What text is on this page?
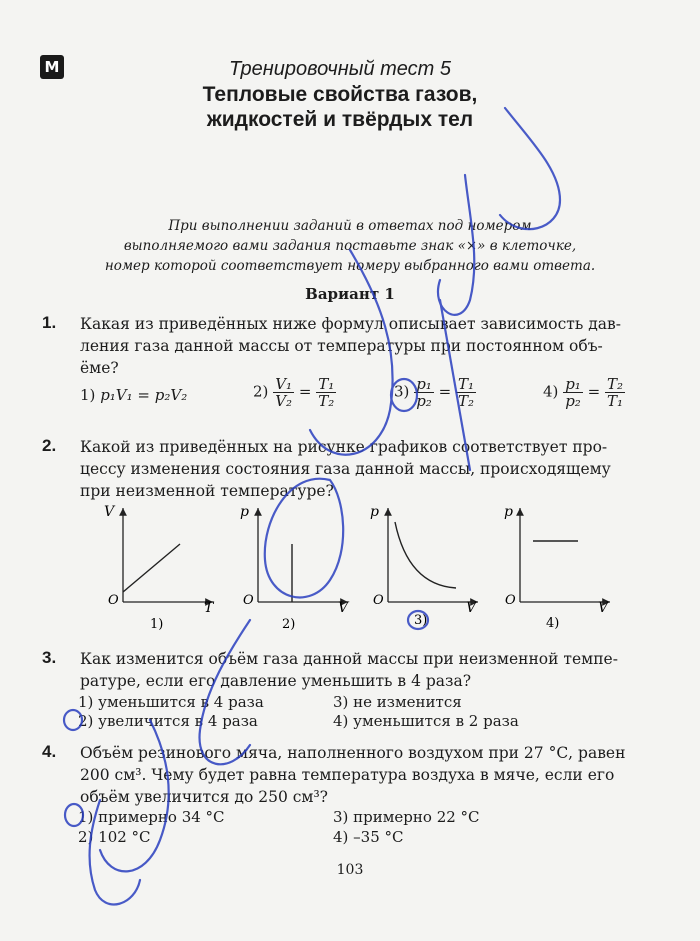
М	Тренировочный тест 5
Тепловые свойства газов,
жидкостей и твёрдых тел
При выполнении заданий в ответах под номером
выполняемого вами задания поставьте знак «×» в клеточке,
номер которой соответствует номеру выбранного вами ответа.
Вариант 1
1. Какая из приведённых ниже формул описывает зависимость дав-
ления газа данной массы от температуры при постоянном объ-
ёме?
1) p₁V₁ = p₂V₂	$2) \frac{\text{V₁}}{\text{V₂}} = \frac{\text{T₁}}{\text{T₂}}$	$3) \frac{\text{p₁}}{\text{p₂}} = \frac{\text{T₁}}{\text{T₂}}$	$4) \frac{\text{p₁}}{\text{p₂}} = \frac{\text{T₂}}{\text{T₁}}$
2. Какой из приведённых на рисунке графиков соответствует про-
цессу изменения состояния газа данной массы, происходящему
при неизменной температуре?
V
T
O
1)
p
V
O
2)
p
V
O
3)
p
V
O
4)
3. Как изменится объём газа данной массы при неизменной темпе-
ратуре, если его давление уменьшить в 4 раза?
1) уменьшится в 4 раза
2) увеличится в 4 раза
3) не изменится
4) уменьшится в 2 раза
4. Объём резинового мяча, наполненного воздухом при 27 °С, равен
200 см³. Чему будет равна температура воздуха в мяче, если его
объём увеличится до 250 см³?
1) примерно 34 °С
2) 102 °С
3) примерно 22 °С
4) –35 °С
103
